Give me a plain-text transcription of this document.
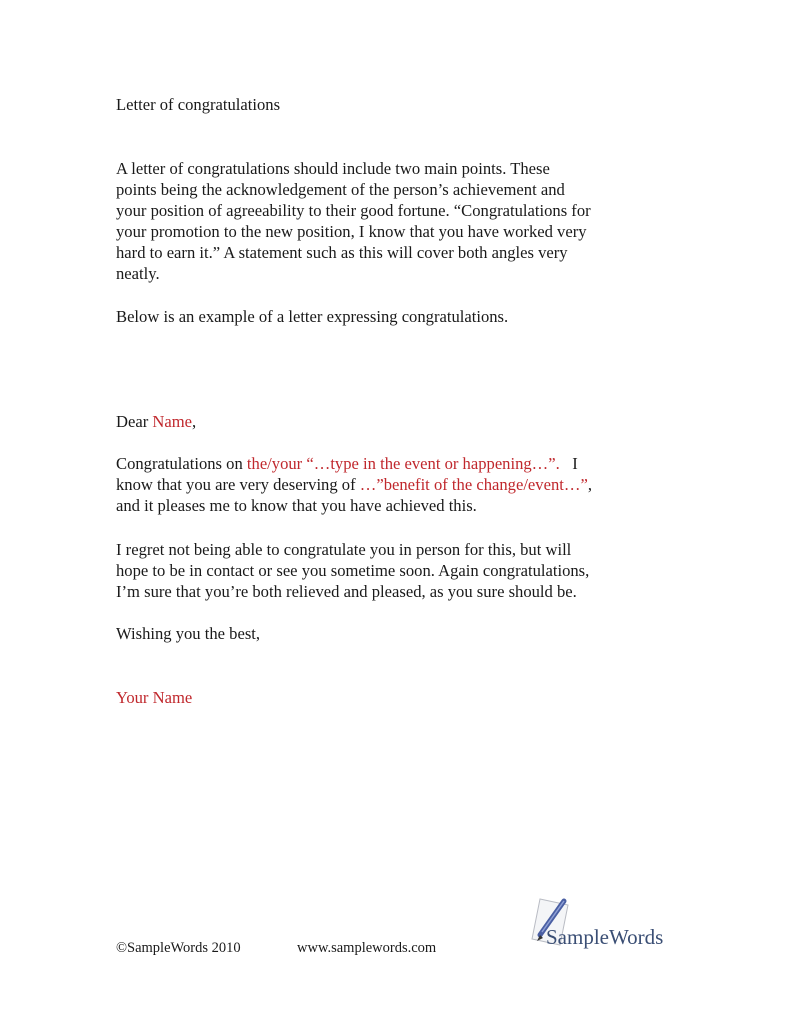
Letter of congratulations
A letter of congratulations should include two main points. These
points being the acknowledgement of the person’s achievement and
your position of agreeability to their good fortune. “Congratulations for
your promotion to the new position, I know that you have worked very
hard to earn it.” A statement such as this will cover both angles very
neatly.
Below is an example of a letter expressing congratulations.
Dear Name,
Congratulations on the/your “…type in the event or happening…”.   I
know that you are very deserving of …”benefit of the change/event…”,
and it pleases me to know that you have achieved this.
I regret not being able to congratulate you in person for this, but will
hope to be in contact or see you sometime soon. Again congratulations,
I’m sure that you’re both relieved and pleased, as you sure should be.
Wishing you the best,
Your Name
©SampleWords 2010	www.samplewords.com	SampleWords
